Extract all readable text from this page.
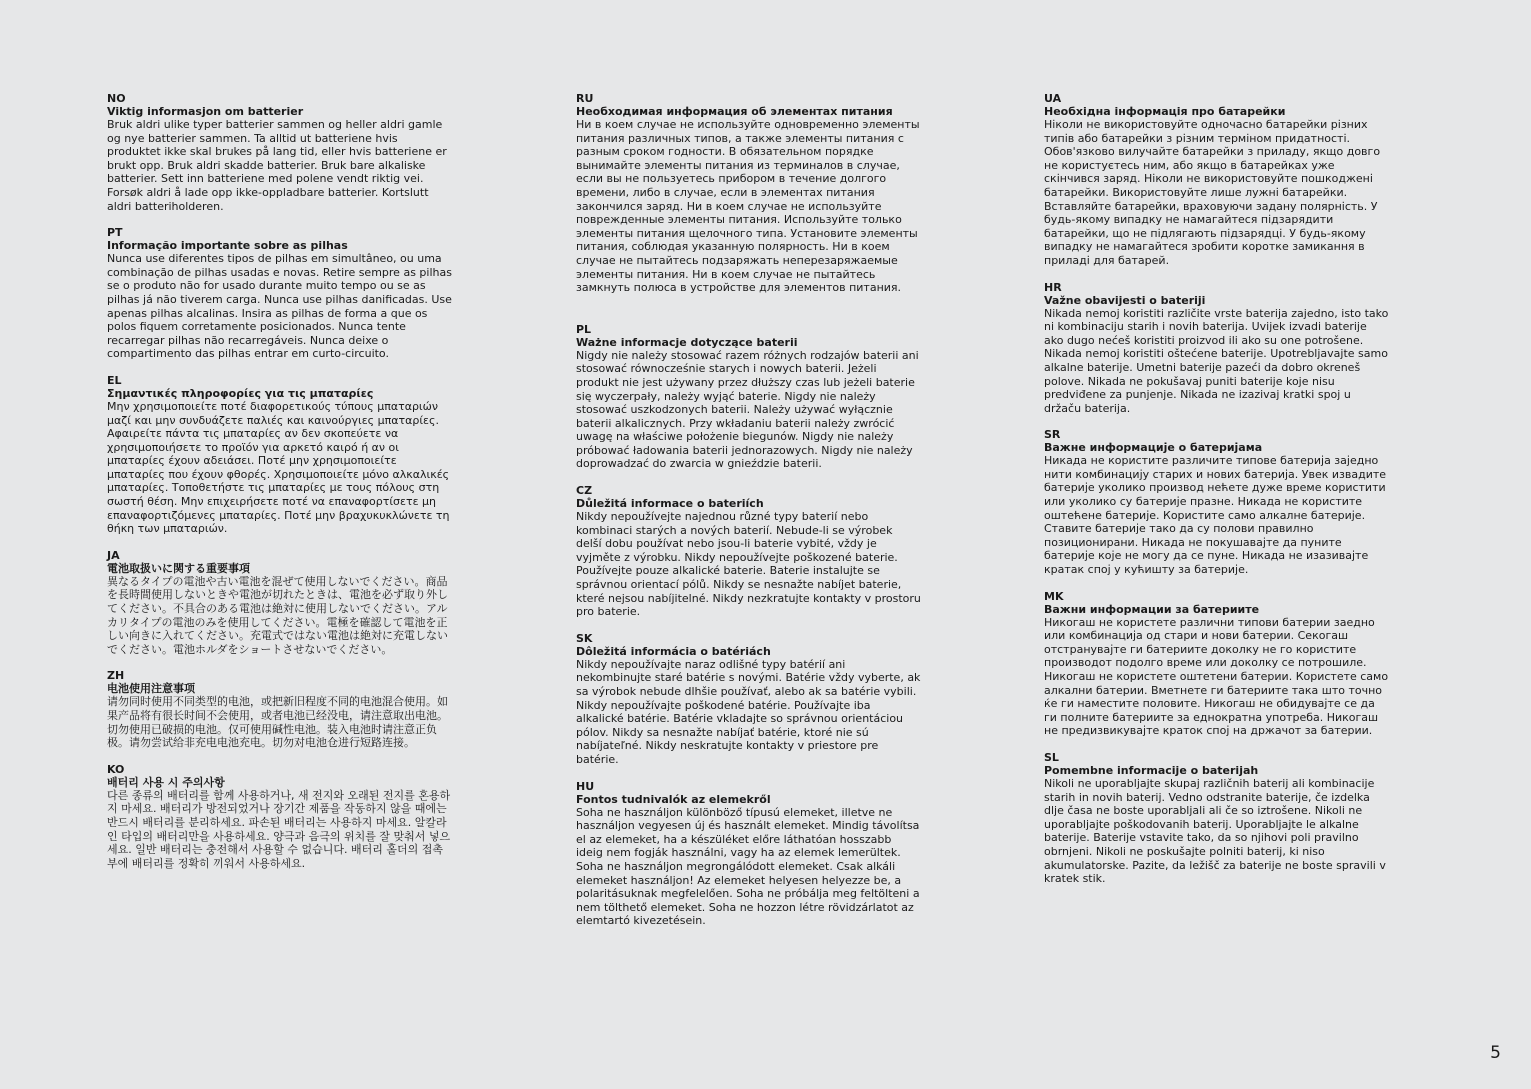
NO
Viktig informasjon om batterier
Bruk aldri ulike typer batterier sammen og heller aldri gamle og nye batterier sammen. Ta alltid ut batteriene hvis produktet ikke skal brukes på lang tid, eller hvis batteriene er brukt opp. Bruk aldri skadde batterier. Bruk bare alkaliske batterier. Sett inn batteriene med polene vendt riktig vei. Forsøk aldri å lade opp ikke-oppladbare batterier. Kortslutt aldri batteriholderen.
PT
Informação importante sobre as pilhas
Nunca use diferentes tipos de pilhas em simultâneo, ou uma combinação de pilhas usadas e novas. Retire sempre as pilhas se o produto não for usado durante muito tempo ou se as pilhas já não tiverem carga. Nunca use pilhas danificadas. Use apenas pilhas alcalinas. Insira as pilhas de forma a que os polos fiquem corretamente posicionados. Nunca tente recarregar pilhas não recarregáveis. Nunca deixe o compartimento das pilhas entrar em curto-circuito.
EL
Σημαντικές πληροφορίες για τις μπαταρίες
Μην χρησιμοποιείτε ποτέ διαφορετικούς τύπους μπαταριών μαζί και μην συνδυάζετε παλιές και καινούργιες μπαταρίες. Αφαιρείτε πάντα τις μπαταρίες αν δεν σκοπεύετε να χρησιμοποιήσετε το προϊόν για αρκετό καιρό ή αν οι μπαταρίες έχουν αδειάσει. Ποτέ μην χρησιμοποιείτε μπαταρίες που έχουν φθορές. Χρησιμοποιείτε μόνο αλκαλικές μπαταρίες. Τοποθετήστε τις μπαταρίες με τους πόλους στη σωστή θέση. Μην επιχειρήσετε ποτέ να επαναφορτίσετε μη επαναφορτιζόμενες μπαταρίες. Ποτέ μην βραχυκυκλώνετε τη θήκη των μπαταριών.
JA
電池取扱いに関する重要事項
異なるタイプの電池や古い電池を混ぜて使用しないでください。商品を長時間使用しないときや電池が切れたときは、電池を必ず取り外してください。不具合のある電池は絶対に使用しないでください。アルカリタイプの電池のみを使用してください。電極を確認して電池を正しい向きに入れてください。充電式ではない電池は絶対に充電しないでください。電池ホルダをショートさせないでください。
ZH
电池使用注意事项
请勿同时使用不同类型的电池，或把新旧程度不同的电池混合使用。如果产品将有很长时间不会使用，或者电池已经没电，请注意取出电池。切勿使用已破损的电池。仅可使用碱性电池。装入电池时请注意正负极。请勿尝试给非充电电池充电。切勿对电池仓进行短路连接。
KO
배터리 사용 시 주의사항
다른 종류의 배터리를 함께 사용하거나, 새 전지와 오래된 전지를 혼용하지 마세요. 배터리가 방전되었거나 장기간 제품을 작동하지 않을 때에는 반드시 배터리를 분리하세요. 파손된 배터리는 사용하지 마세요. 알칼라인 타입의 배터리만을 사용하세요. 양극과 음극의 위치를 잘 맞춰서 넣으세요. 일반 배터리는 충전해서 사용할 수 없습니다. 배터리 홀더의 접촉부에 배터리를 정확히 끼워서 사용하세요.
RU
Необходимая информация об элементах питания
Ни в коем случае не используйте одновременно элементы питания различных типов, а также элементы питания с разным сроком годности. В обязательном порядке вынимайте элементы питания из терминалов в случае, если вы не пользуетесь прибором в течение долгого времени, либо в случае, если в элементах питания закончился заряд. Ни в коем случае не используйте поврежденные элементы питания. Используйте только элементы питания щелочного типа. Установите элементы питания, соблюдая указанную полярность. Ни в коем случае не пытайтесь подзаряжать неперезаряжаемые элементы питания. Ни в коем случае не пытайтесь замкнуть полюса в устройстве для элементов питания.
PL
Ważne informacje dotyczące baterii
Nigdy nie należy stosować razem różnych rodzajów baterii ani stosować równocześnie starych i nowych baterii. Jeżeli produkt nie jest używany przez dłuższy czas lub jeżeli baterie się wyczerpały, należy wyjąć baterie. Nigdy nie należy stosować uszkodzonych baterii. Należy używać wyłącznie baterii alkalicznych. Przy wkładaniu baterii należy zwrócić uwagę na właściwe położenie biegunów. Nigdy nie należy próbować ładowania baterii jednorazowych. Nigdy nie należy doprowadzać do zwarcia w gnieździe baterii.
CZ
Důležitá informace o bateriích
Nikdy nepoužívejte najednou různé typy baterií nebo kombinaci starých a nových baterií. Nebude-li se výrobek delší dobu používat nebo jsou-li baterie vybité, vždy je vyjměte z výrobku. Nikdy nepoužívejte poškozené baterie. Používejte pouze alkalické baterie. Baterie instalujte se správnou orientací pólů. Nikdy se nesnažte nabíjet baterie, které nejsou nabíjitelné. Nikdy nezkratujte kontakty v prostoru pro baterie.
SK
Dôležitá informácia o batériách
Nikdy nepoužívajte naraz odlišné typy batérií ani nekombinujte staré batérie s novými. Batérie vždy vyberte, ak sa výrobok nebude dlhšie používať, alebo ak sa batérie vybili. Nikdy nepoužívajte poškodené batérie. Používajte iba alkalické batérie. Batérie vkladajte so správnou orientáciou pólov. Nikdy sa nesnažte nabíjať batérie, ktoré nie sú nabíjateľné. Nikdy neskratujte kontakty v priestore pre batérie.
HU
Fontos tudnivalók az elemekről
Soha ne használjon különböző típusú elemeket, illetve ne használjon vegyesen új és használt elemeket. Mindig távolítsa el az elemeket, ha a készüléket előre láthatóan hosszabb ideig nem fogják használni, vagy ha az elemek lemerültek. Soha ne használjon megrongálódott elemeket. Csak alkáli elemeket használjon! Az elemeket helyesen helyezze be, a polaritásuknak megfelelően. Soha ne próbálja meg feltölteni a nem tölthető elemeket. Soha ne hozzon létre rövidzárlatot az elemtartó kivezetésein.
UA
Необхідна інформація про батарейки
Ніколи не використовуйте одночасно батарейки різних типів або батарейки з різним терміном придатності. Обов'язково вилучайте батарейки з приладу, якщо довго не користуєтесь ним, або якщо в батарейках уже скінчився заряд. Ніколи не використовуйте пошкоджені батарейки. Використовуйте лише лужні батарейки. Вставляйте батарейки, враховуючи задану полярність. У будь-якому випадку не намагайтеся підзарядити батарейки, що не підлягають підзарядці. У будь-якому випадку не намагайтеся зробити коротке замикання в приладі для батарей.
HR
Važne obavijesti o bateriji
Nikada nemoj koristiti različite vrste baterija zajedno, isto tako ni kombinaciju starih i novih baterija. Uvijek izvadi baterije ako dugo nećeš koristiti proizvod ili ako su one potrošene. Nikada nemoj koristiti oštećene baterije. Upotrebljavajte samo alkalne baterije. Umetni baterije pazeći da dobro okreneš polove. Nikada ne pokušavaj puniti baterije koje nisu predviđene za punjenje. Nikada ne izazivaj kratki spoj u držaču baterija.
SR
Важне информације о батеријама
Никада не користите различите типове батерија заједно нити комбинацију старих и нових батерија. Увек извадите батерије уколико производ нећете дуже време користити или уколико су батерије празне. Никада не користите оштећене батерије. Користите само алкалне батерије. Ставите батерије тако да су полови правилно позиционирани. Никада не покушавајте да пуните батерије које не могу да се пуне. Никада не изазивајте кратак спој у кућишту за батерије.
MK
Важни информации за батериите
Никогаш не користете различни типови батерии заедно или комбинација од стари и нови батерии. Секогаш отстранувајте ги батериите доколку не го користите производот подолго време или доколку се потрошиле. Никогаш не користете оштетени батерии. Користете само алкални батерии. Вметнете ги батериите така што точно ќе ги наместите половите. Никогаш не обидувајте се да ги полните батериите за еднократна употреба. Никогаш не предизвикувајте краток спој на држачот за батерии.
SL
Pomembne informacije o baterijah
Nikoli ne uporabljajte skupaj različnih baterij ali kombinacije starih in novih baterij. Vedno odstranite baterije, če izdelka dlje časa ne boste uporabljali ali če so iztrošene. Nikoli ne uporabljajte poškodovanih baterij. Uporabljajte le alkalne baterije. Baterije vstavite tako, da so njihovi poli pravilno obrnjeni. Nikoli ne poskušajte polniti baterij, ki niso akumulatorske. Pazite, da ležišč za baterije ne boste spravili v kratek stik.
5
